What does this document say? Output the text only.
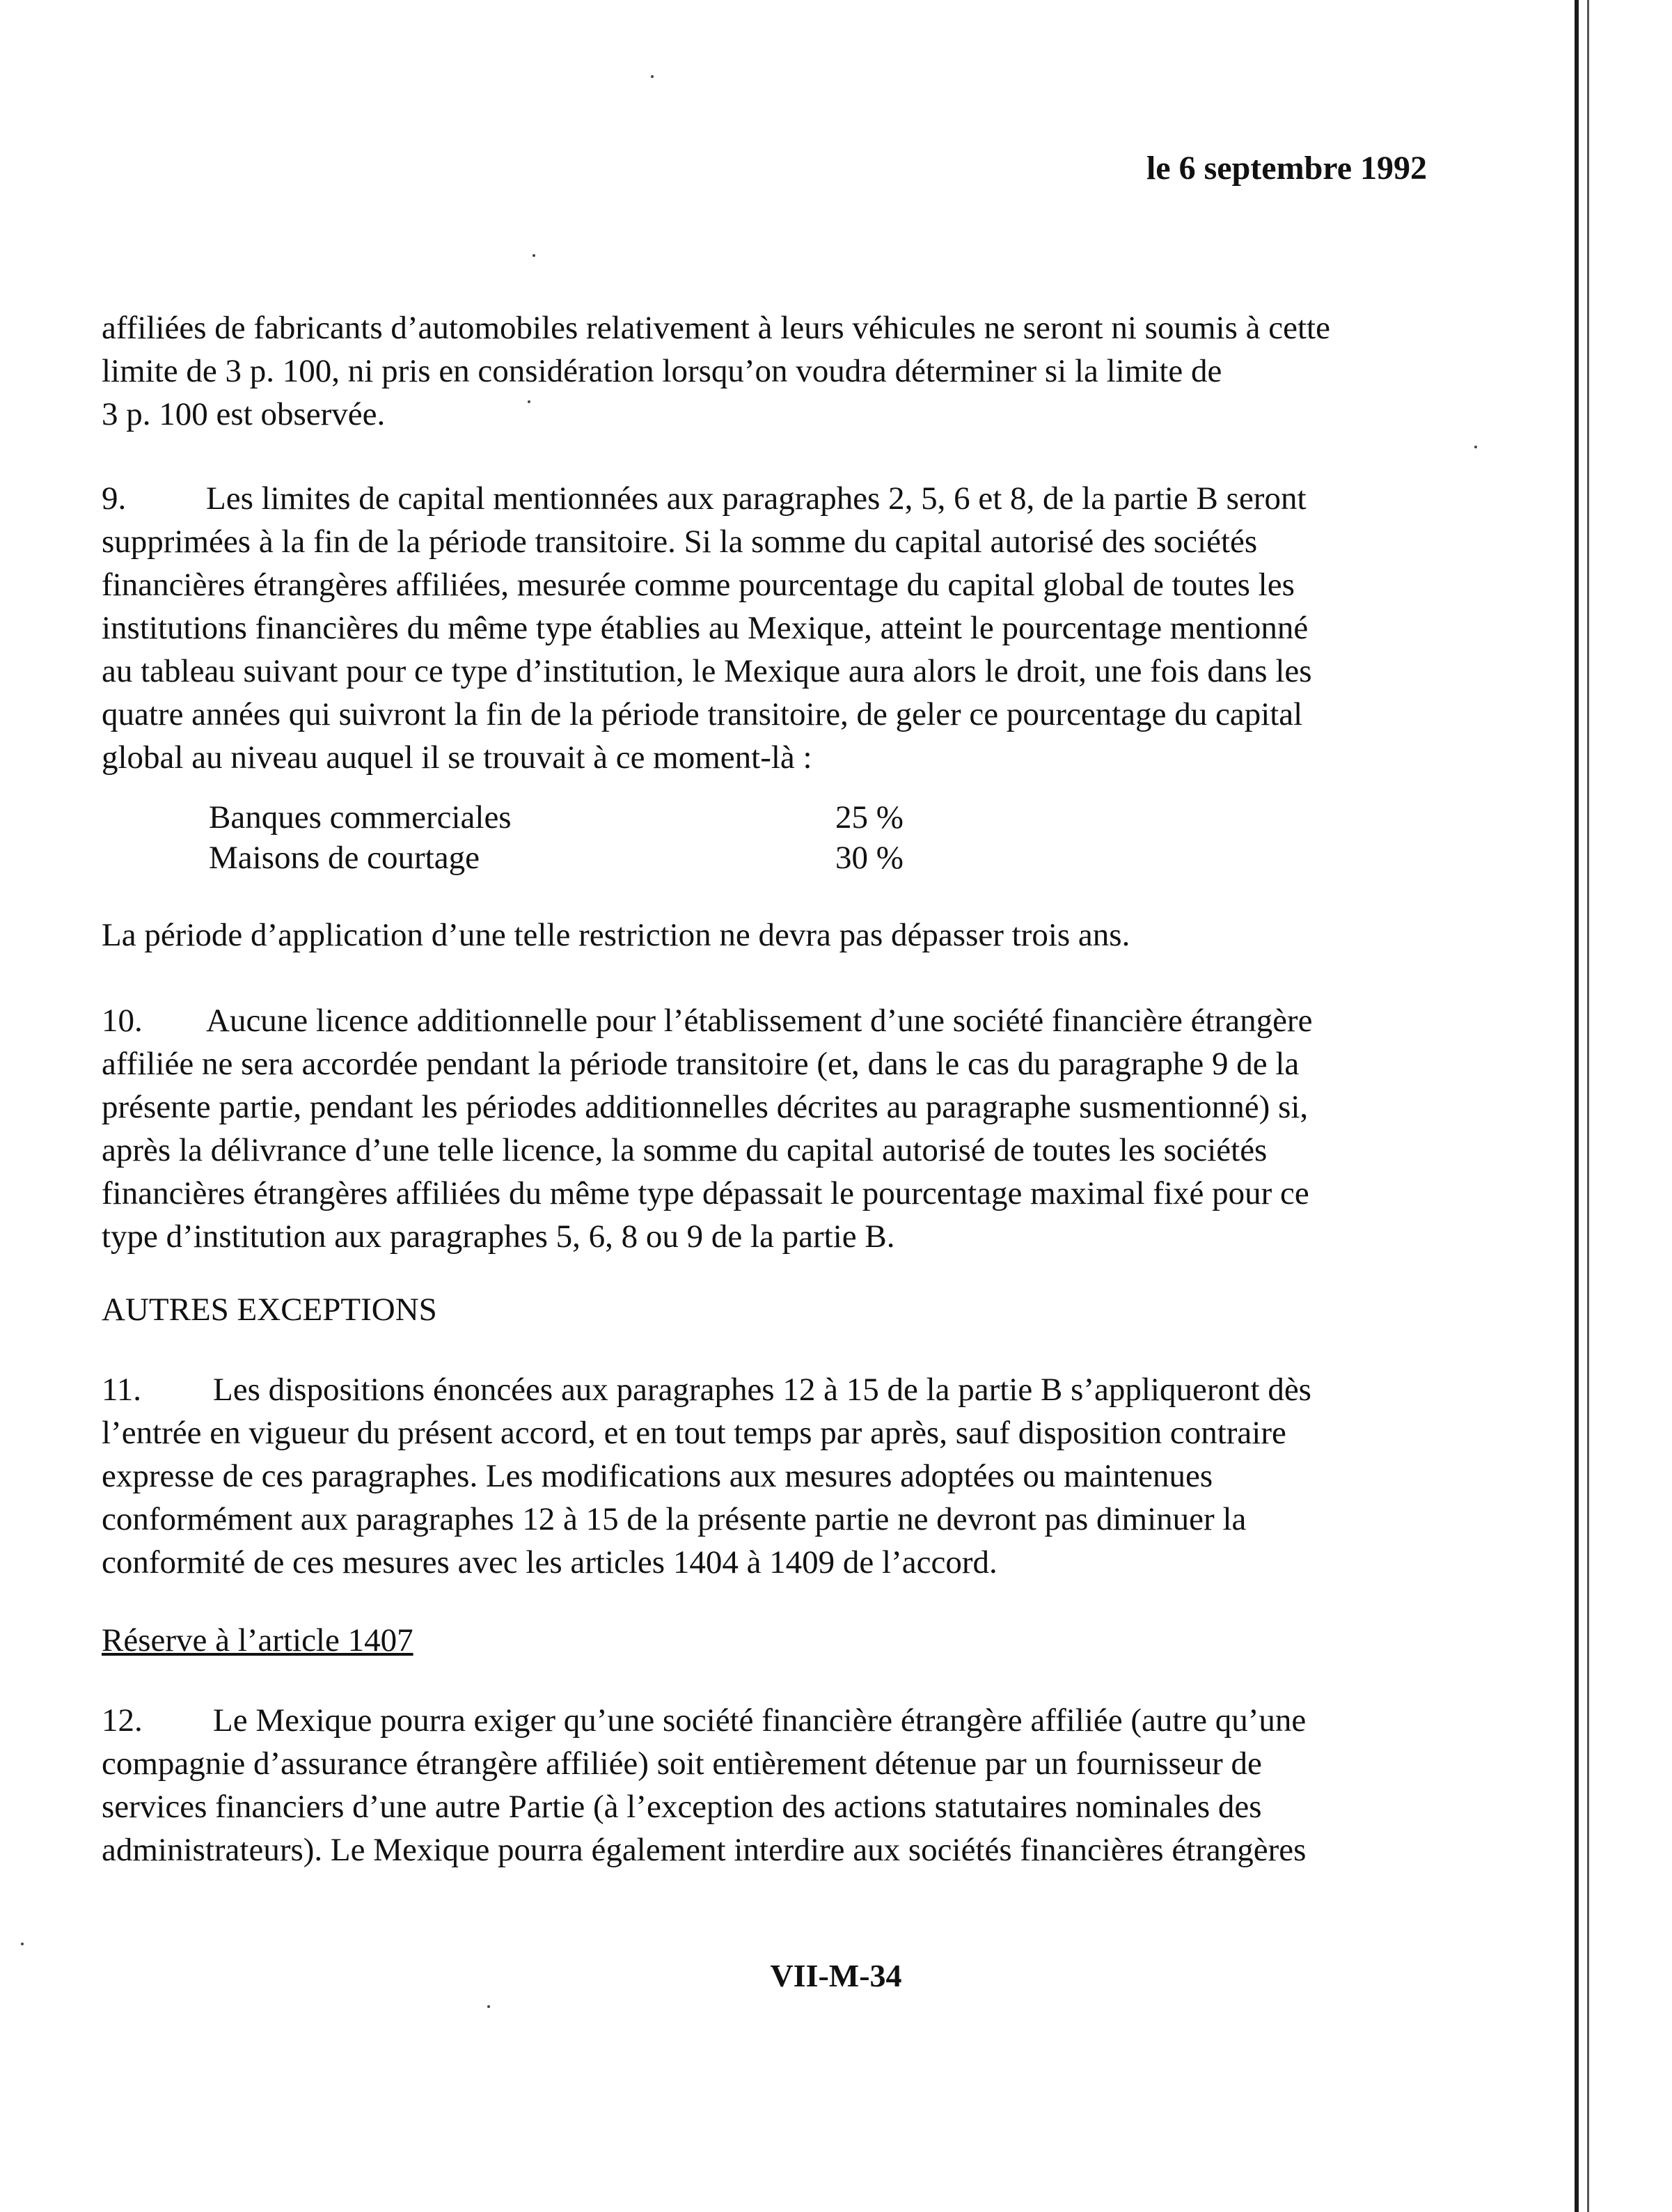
le 6 septembre 1992
affiliées de fabricants d’automobiles relativement à leurs véhicules ne seront ni soumis à cette
limite de 3 p. 100, ni pris en considération lorsqu’on voudra déterminer si la limite de
3 p. 100 est observée.
9. Les limites de capital mentionnées aux paragraphes 2, 5, 6 et 8, de la partie B seront
supprimées à la fin de la période transitoire. Si la somme du capital autorisé des sociétés
financières étrangères affiliées, mesurée comme pourcentage du capital global de toutes les
institutions financières du même type établies au Mexique, atteint le pourcentage mentionné
au tableau suivant pour ce type d’institution, le Mexique aura alors le droit, une fois dans les
quatre années qui suivront la fin de la période transitoire, de geler ce pourcentage du capital
global au niveau auquel il se trouvait à ce moment-là :
Banques commerciales	25 %
Maisons de courtage	30 %
La période d’application d’une telle restriction ne devra pas dépasser trois ans.
10. Aucune licence additionnelle pour l’établissement d’une société financière étrangère
affiliée ne sera accordée pendant la période transitoire (et, dans le cas du paragraphe 9 de la
présente partie, pendant les périodes additionnelles décrites au paragraphe susmentionné) si,
après la délivrance d’une telle licence, la somme du capital autorisé de toutes les sociétés
financières étrangères affiliées du même type dépassait le pourcentage maximal fixé pour ce
type d’institution aux paragraphes 5, 6, 8 ou 9 de la partie B.
AUTRES EXCEPTIONS
11. Les dispositions énoncées aux paragraphes 12 à 15 de la partie B s’appliqueront dès
l’entrée en vigueur du présent accord, et en tout temps par après, sauf disposition contraire
expresse de ces paragraphes. Les modifications aux mesures adoptées ou maintenues
conformément aux paragraphes 12 à 15 de la présente partie ne devront pas diminuer la
conformité de ces mesures avec les articles 1404 à 1409 de l’accord.
Réserve à l’article 1407
12. Le Mexique pourra exiger qu’une société financière étrangère affiliée (autre qu’une
compagnie d’assurance étrangère affiliée) soit entièrement détenue par un fournisseur de
services financiers d’une autre Partie (à l’exception des actions statutaires nominales des
administrateurs). Le Mexique pourra également interdire aux sociétés financières étrangères
VII-M-34
